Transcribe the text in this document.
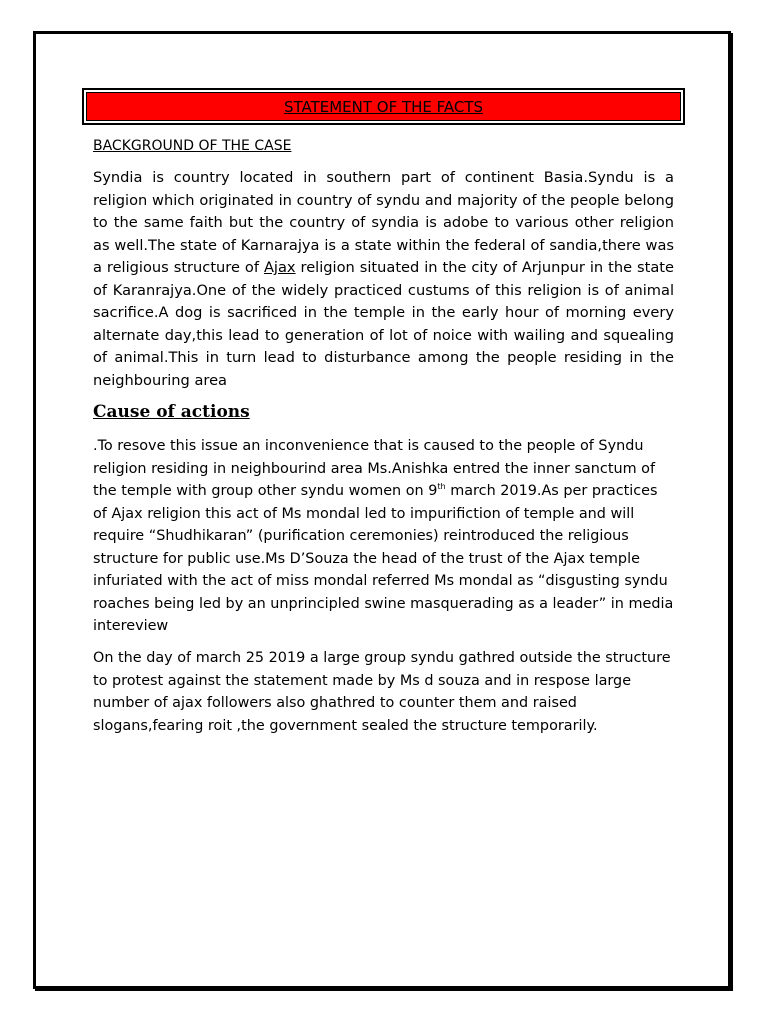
STATEMENT OF THE FACTS
BACKGROUND OF THE CASE

Syndia is country located in southern part of continent Basia.Syndu is a religion which originated in country of syndu and majority of the people belong to the same faith but the country of syndia is adobe to various other religion as well.The state of Karnarajya is a state within the federal of sandia,there was a religious structure of Ajax religion situated in the city of Arjunpur in the state of Karanrajya.One of the widely practiced custums of this religion is of animal sacrifice.A dog is sacrificed in the temple in the early hour of morning every alternate day,this lead to generation of lot of noice with wailing and squealing of animal.This in turn lead to disturbance among the people residing in the neighbouring area

Cause of actions

.To resove this issue an inconvenience that is caused to the people of Syndu religion residing in neighbourind area Ms.Anishka entred the inner sanctum of the temple with group other syndu women on 9th march 2019.As per practices of Ajax religion this act of Ms mondal led to impurifiction of temple and will require “Shudhikaran” (purification ceremonies) reintroduced the religious structure for public use.Ms D’Souza the head of the trust of the Ajax temple infuriated with the act of miss mondal referred Ms mondal as “disgusting syndu roaches being led by an unprincipled swine masquerading as a leader” in media intereview

On the day of march 25 2019 a large group syndu gathred outside the structure to protest against the statement made by Ms d souza and in respose large number of ajax followers also ghathred to counter them and raised slogans,fearing roit ,the government sealed the structure temporarily.
